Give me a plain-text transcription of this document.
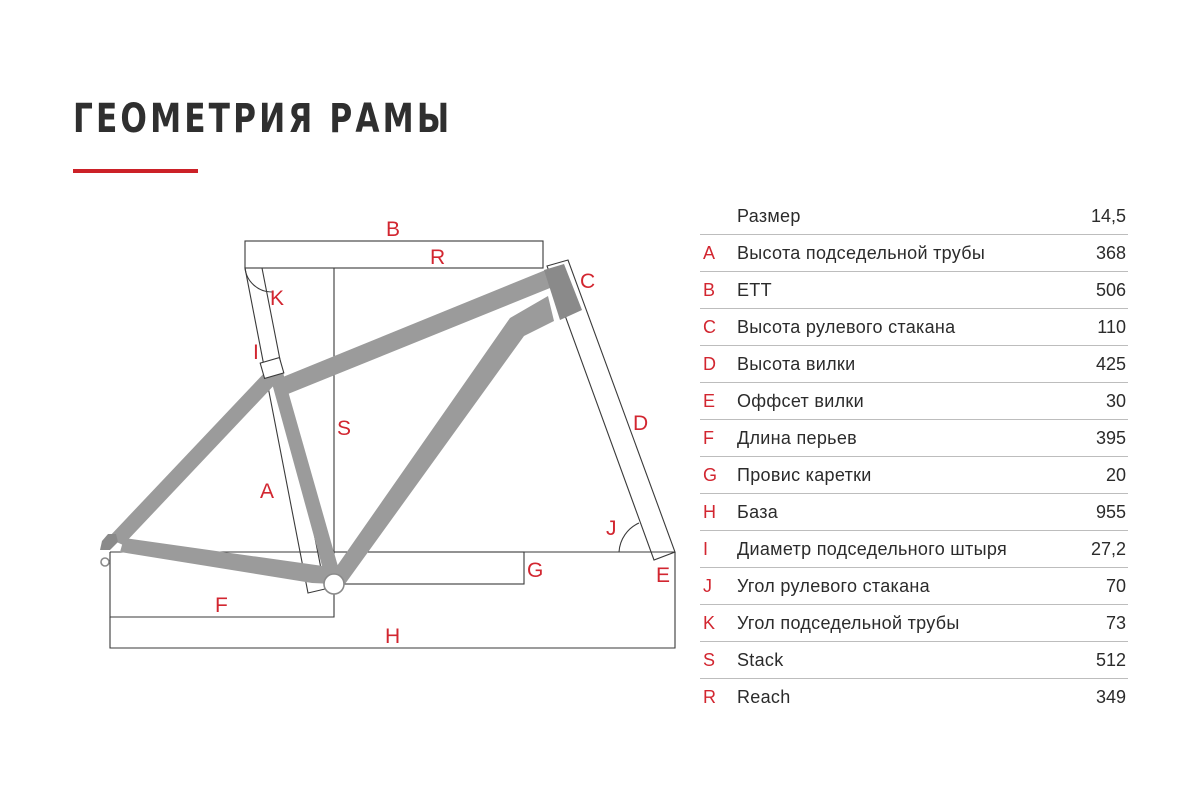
ГЕОМЕТРИЯ РАМЫ
B
R
K
C
I
S	D
A
J
G	E
F
H
Размер	14,5
A Высота подседельной трубы	368
B ETT	506
C Высота рулевого стакана	110
D Высота вилки	425
E Оффсет вилки	30
F Длина перьев	395
G Провис каретки	20
H База	955
I Диаметр подседельного штыря	27,2
J Угол рулевого стакана	70
K Угол подседельной трубы	73
S Stack	512
R Reach	349
